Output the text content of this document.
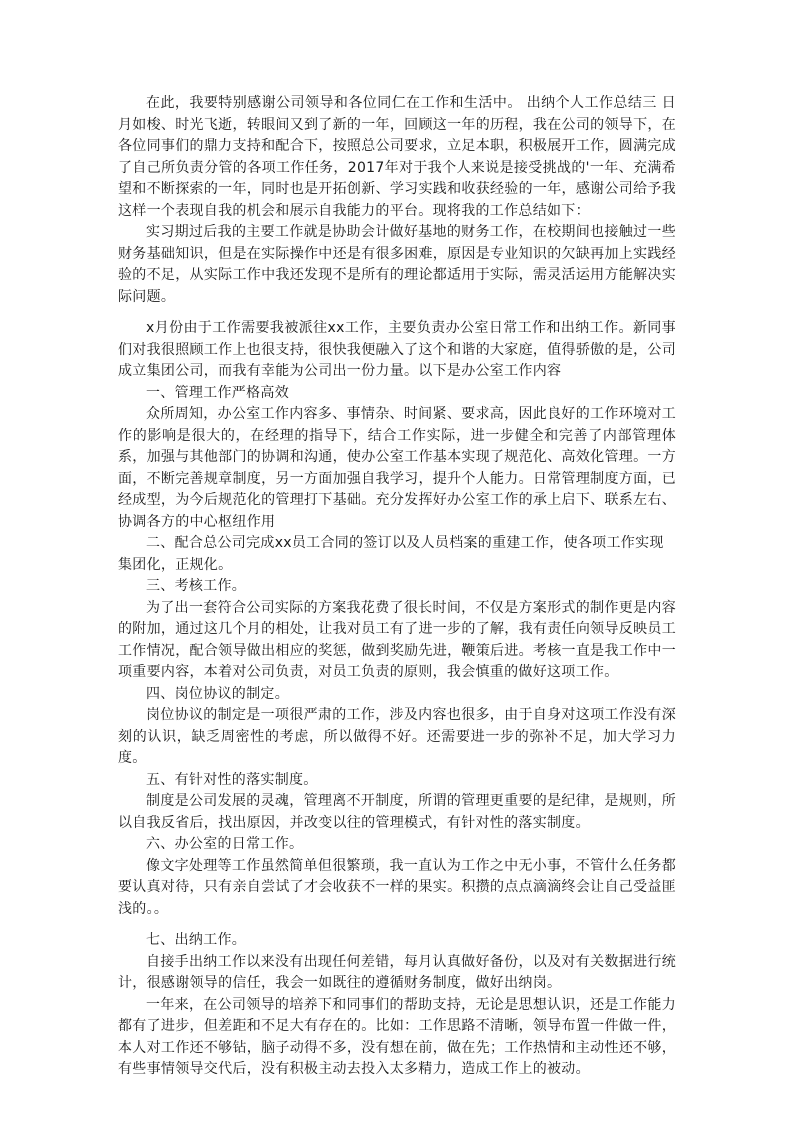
在此，我要特别感谢公司领导和各位同仁在工作和生活中。 出纳个人工作总结三 日月如梭、时光飞逝，转眼间又到了新的一年，回顾这一年的历程，我在公司的领导下，在各位同事们的鼎力支持和配合下，按照总公司要求，立足本职，积极展开工作，圆满完成了自己所负责分管的各项工作任务，2017年对于我个人来说是接受挑战的'一年、充满希望和不断探索的一年，同时也是开拓创新、学习实践和收获经验的一年，感谢公司给予我这样一个表现自我的机会和展示自我能力的平台。现将我的工作总结如下：

实习期过后我的主要工作就是协助会计做好基地的财务工作，在校期间也接触过一些财务基础知识，但是在实际操作中还是有很多困难，原因是专业知识的欠缺再加上实践经验的不足，从实际工作中我还发现不是所有的理论都适用于实际，需灵活运用方能解决实际问题。

x月份由于工作需要我被派往xx工作，主要负责办公室日常工作和出纳工作。新同事们对我很照顾工作上也很支持，很快我便融入了这个和谐的大家庭，值得骄傲的是，公司成立集团公司，而我有幸能为公司出一份力量。以下是办公室工作内容

一、管理工作严格高效

众所周知，办公室工作内容多、事情杂、时间紧、要求高，因此良好的工作环境对工作的影响是很大的，在经理的指导下，结合工作实际，进一步健全和完善了内部管理体系，加强与其他部门的协调和沟通，使办公室工作基本实现了规范化、高效化管理。一方面，不断完善规章制度，另一方面加强自我学习，提升个人能力。日常管理制度方面，已经成型，为今后规范化的管理打下基础。充分发挥好办公室工作的承上启下、联系左右、协调各方的中心枢纽作用

二、配合总公司完成xx员工合同的签订以及人员档案的重建工作，使各项工作实现集团化，正规化。

三、考核工作。

为了出一套符合公司实际的方案我花费了很长时间，不仅是方案形式的制作更是内容的附加，通过这几个月的相处，让我对员工有了进一步的了解，我有责任向领导反映员工工作情况，配合领导做出相应的奖惩，做到奖励先进，鞭策后进。考核一直是我工作中一项重要内容，本着对公司负责，对员工负责的原则，我会慎重的做好这项工作。

四、岗位协议的制定。

岗位协议的制定是一项很严肃的工作，涉及内容也很多，由于自身对这项工作没有深刻的认识，缺乏周密性的考虑，所以做得不好。还需要进一步的弥补不足，加大学习力度。

五、有针对性的落实制度。

制度是公司发展的灵魂，管理离不开制度，所谓的管理更重要的是纪律，是规则，所以自我反省后，找出原因，并改变以往的管理模式，有针对性的落实制度。

六、办公室的日常工作。

像文字处理等工作虽然简单但很繁琐，我一直认为工作之中无小事，不管什么任务都要认真对待，只有亲自尝试了才会收获不一样的果实。积攒的点点滴滴终会让自己受益匪浅的。。

七、出纳工作。

自接手出纳工作以来没有出现任何差错，每月认真做好备份，以及对有关数据进行统计，很感谢领导的信任，我会一如既往的遵循财务制度，做好出纳岗。

一年来，在公司领导的培养下和同事们的帮助支持，无论是思想认识，还是工作能力都有了进步，但差距和不足大有存在的。比如：工作思路不清晰，领导布置一件做一件，本人对工作还不够钻，脑子动得不多，没有想在前，做在先；工作热情和主动性还不够，有些事情领导交代后，没有积极主动去投入太多精力，造成工作上的被动。
